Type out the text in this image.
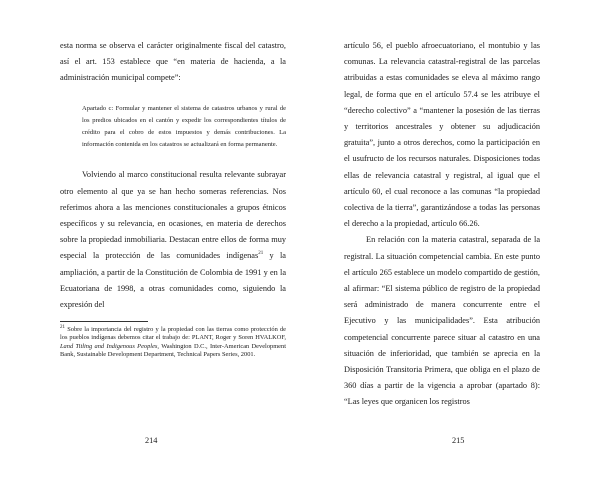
esta norma se observa el carácter originalmente fiscal del catastro, así el art. 153 establece que “en materia de hacienda, a la administración municipal compete”:

Apartado c: Formular y mantener el sistema de catastros urbanos y rural de los predios ubicados en el cantón y expedir los correspondientes títulos de crédito para el cobro de estos impuestos y demás contribuciones. La información contenida en los catastros se actualizará en forma permanente.

Volviendo al marco constitucional resulta relevante subrayar otro elemento al que ya se han hecho someras referencias. Nos referimos ahora a las menciones constitucionales a grupos étnicos específicos y su relevancia, en ocasiones, en materia de derechos sobre la propiedad inmobiliaria. Destacan entre ellos de forma muy especial la protección de las comunidades indígenas$^{21}$ y la ampliación, a partir de la Constitución de Colombia de 1991 y en la Ecuatoriana de 1998, a otras comunidades como, siguiendo la expresión del

$^{21}$ Sobre la importancia del registro y la propiedad con las tierras como protección de los pueblos indígenas debemos citar el trabajo de: PLANT, Roger y Soren HVALKOF, Land Titling and Indigenous Peoples, Washington D.C., Inter-American Development Bank, Sustainable Development Department, Technical Papers Series, 2001.

214

artículo 56, el pueblo afroecuatoriano, el montubio y las comunas. La relevancia catastral-registral de las parcelas atribuidas a estas comunidades se eleva al máximo rango legal, de forma que en el artículo 57.4 se les atribuye el “derecho colectivo” a “mantener la posesión de las tierras y territorios ancestrales y obtener su adjudicación gratuita”, junto a otros derechos, como la participación en el usufructo de los recursos naturales. Disposiciones todas ellas de relevancia catastral y registral, al igual que el artículo 60, el cual reconoce a las comunas “la propiedad colectiva de la tierra”, garantizándose a todas las personas el derecho a la propiedad, artículo 66.26.

En relación con la materia catastral, separada de la registral. La situación competencial cambia. En este punto el artículo 265 establece un modelo compartido de gestión, al afirmar: “El sistema público de registro de la propiedad será administrado de manera concurrente entre el Ejecutivo y las municipalidades”. Esta atribución competencial concurrente parece situar al catastro en una situación de inferioridad, que también se aprecia en la Disposición Transitoria Primera, que obliga en el plazo de 360 días a partir de la vigencia a aprobar (apartado 8): “Las leyes que organicen los registros

215
